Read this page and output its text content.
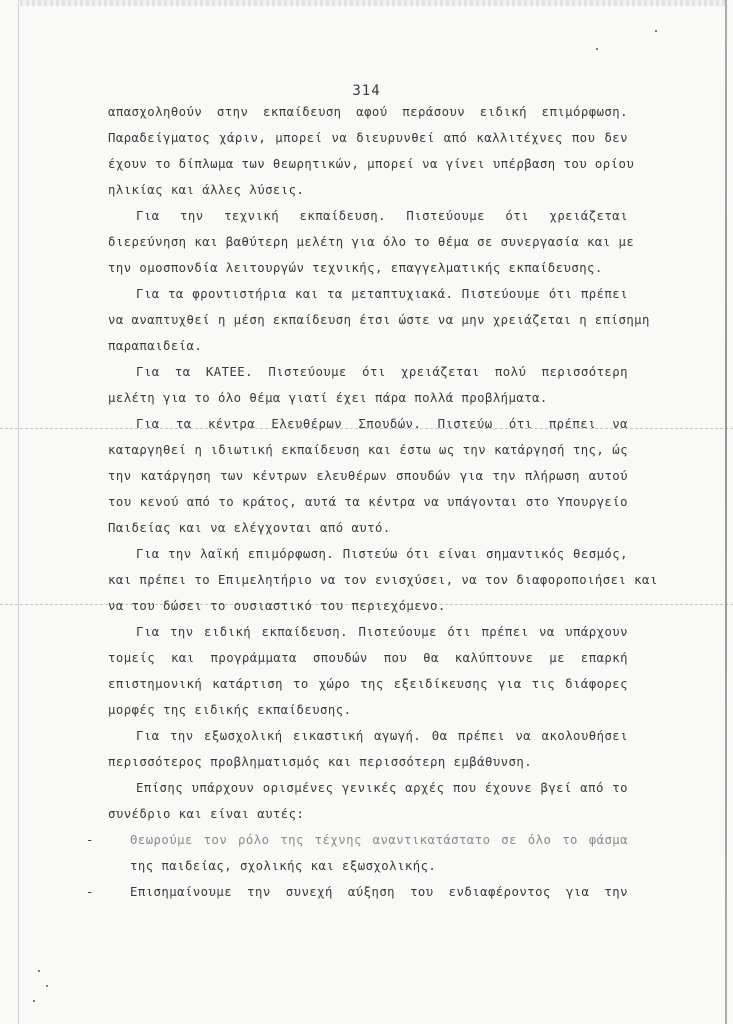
314
απασχοληθούν στην εκπαίδευση αφού περάσουν ειδική επιμόρφωση.
Παραδείγματος χάριν, μπορεί να διευρυνθεί από καλλιτέχνες που δεν
έχουν το δίπλωμα των θεωρητικών, μπορεί να γίνει υπέρβαση του ορίου
ηλικίας και άλλες λύσεις.
Για την τεχνική εκπαίδευση. Πιστεύουμε ότι χρειάζεται
διερεύνηση και βαθύτερη μελέτη για όλο το θέμα σε συνεργασία και με
την ομοσπονδία λειτουργών τεχνικής, επαγγελματικής εκπαίδευσης.
Για τα φροντιστήρια και τα μεταπτυχιακά. Πιστεύουμε ότι πρέπει
να αναπτυχθεί η μέση εκπαίδευση έτσι ώστε να μην χρειάζεται η επίσημη
παραπαιδεία.
Για τα ΚΑΤΕΕ. Πιστεύουμε ότι χρειάζεται πολύ περισσότερη
μελέτη για το όλο θέμα γιατί έχει πάρα πολλά προβλήματα.
Για τα κέντρα Ελευθέρων Σπουδών. Πιστεύω ότι πρέπει να
καταργηθεί η ιδιωτική εκπαίδευση και έστω ως την κατάργησή της, ώς
την κατάργηση των κέντρων ελευθέρων σπουδών για την πλήρωση αυτού
του κενού από το κράτος, αυτά τα κέντρα να υπάγονται στο Υπουργείο
Παιδείας και να ελέγχονται από αυτό.
Για την λαϊκή επιμόρφωση. Πιστεύω ότι είναι σημαντικός θεσμός,
και πρέπει το Επιμελητήριο να τον ενισχύσει, να τον διαφοροποιήσει και
να του δώσει το ουσιαστικό του περιεχόμενο.
Για την ειδική εκπαίδευση. Πιστεύουμε ότι πρέπει να υπάρχουν
τομείς και προγράμματα σπουδών που θα καλύπτουνε με επαρκή
επιστημονική κατάρτιση το χώρο της εξειδίκευσης για τις διάφορες
μορφές της ειδικής εκπαίδευσης.
Για την εξωσχολική εικαστική αγωγή. Θα πρέπει να ακολουθήσει
περισσότερος προβληματισμός και περισσότερη εμβάθυνση.
Επίσης υπάρχουν ορισμένες γενικές αρχές που έχουνε βγεί από το
συνέδριο και είναι αυτές:
-	Θεωρούμε τον ρόλο της τέχνης αναντικατάστατο σε όλο το φάσμα
της παιδείας, σχολικής και εξωσχολικής.
-	Επισημαίνουμε την συνεχή αύξηση του ενδιαφέροντος για την
